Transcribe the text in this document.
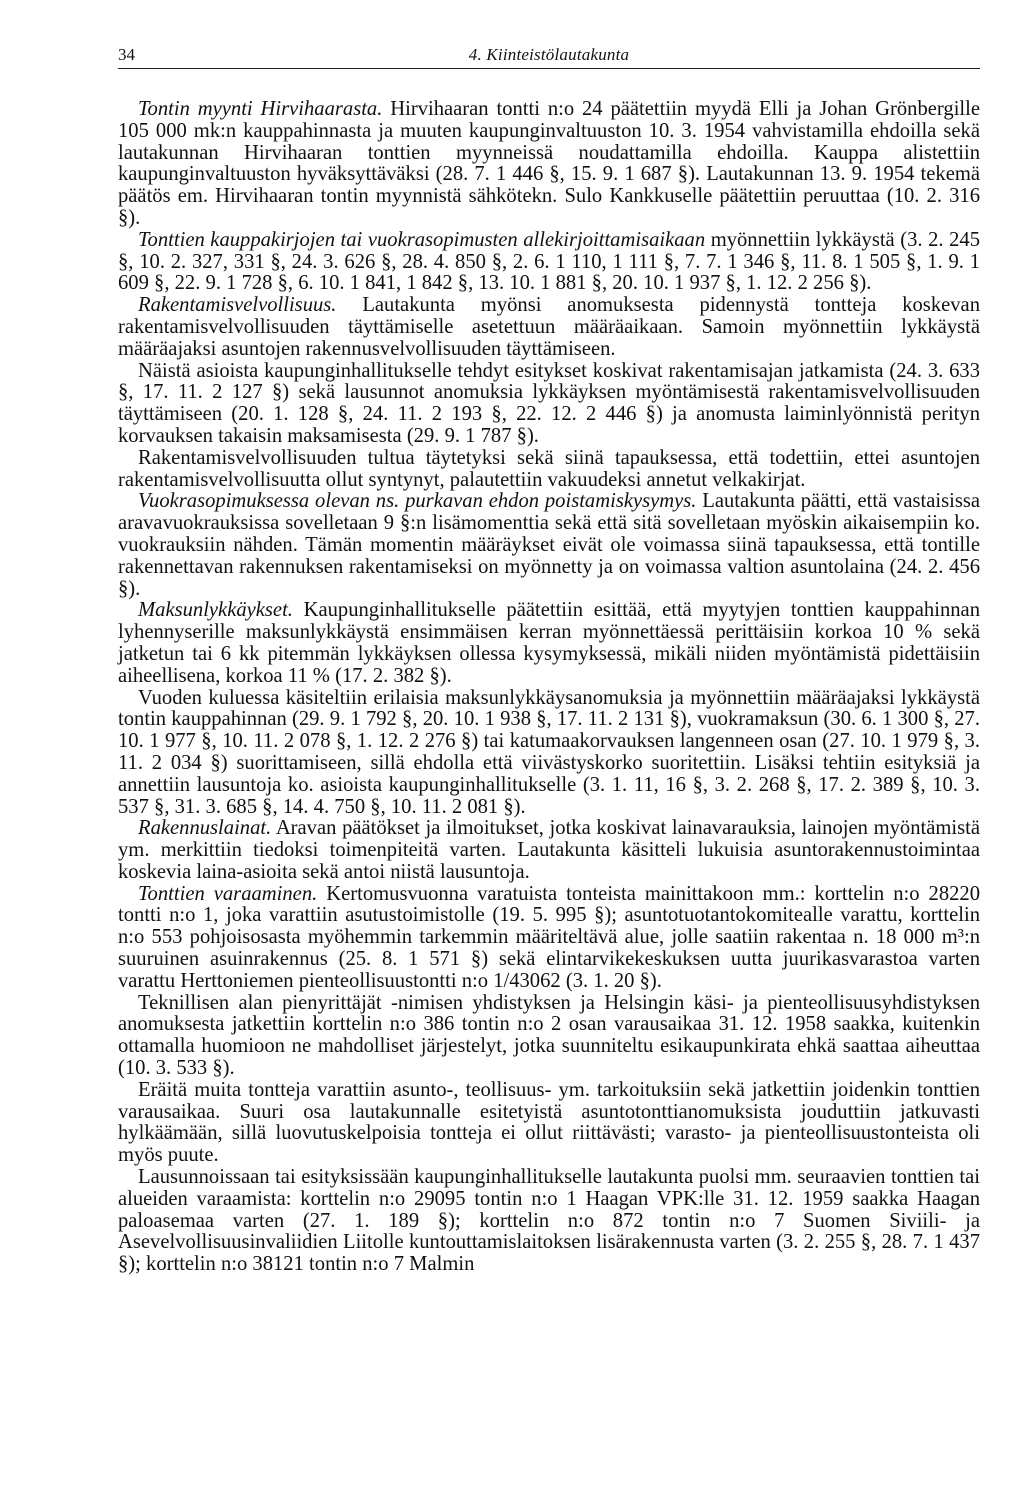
34	4. Kiinteistölautakunta

Tontin myynti Hirvihaarasta. Hirvihaaran tontti n:o 24 päätettiin myydä Elli ja Johan Grönbergille 105 000 mk:n kauppahinnasta ja muuten kaupunginvaltuuston 10. 3. 1954 vahvistamilla ehdoilla sekä lautakunnan Hirvihaaran tonttien myynneissä noudattamilla ehdoilla. Kauppa alistettiin kaupunginvaltuuston hyväksyttäväksi (28. 7. 1 446 §, 15. 9. 1 687 §). Lautakunnan 13. 9. 1954 tekemä päätös em. Hirvihaaran tontin myynnistä sähkötekn. Sulo Kankkuselle päätettiin peruuttaa (10. 2. 316 §).

Tonttien kauppakirjojen tai vuokrasopimusten allekirjoittamisaikaan myönnettiin lykkäystä (3. 2. 245 §, 10. 2. 327, 331 §, 24. 3. 626 §, 28. 4. 850 §, 2. 6. 1 110, 1 111 §, 7. 7. 1 346 §, 11. 8. 1 505 §, 1. 9. 1 609 §, 22. 9. 1 728 §, 6. 10. 1 841, 1 842 §, 13. 10. 1 881 §, 20. 10. 1 937 §, 1. 12. 2 256 §).

Rakentamisvelvollisuus. Lautakunta myönsi anomuksesta pidennystä tontteja koskevan rakentamisvelvollisuuden täyttämiselle asetettuun määräaikaan. Samoin myönnettiin lykkäystä määräajaksi asuntojen rakennusvelvollisuuden täyttämiseen.

Näistä asioista kaupunginhallitukselle tehdyt esitykset koskivat rakentamisajan jatkamista (24. 3. 633 §, 17. 11. 2 127 §) sekä lausunnot anomuksia lykkäyksen myöntämisestä rakentamisvelvollisuuden täyttämiseen (20. 1. 128 §, 24. 11. 2 193 §, 22. 12. 2 446 §) ja anomusta laiminlyönnistä perityn korvauksen takaisin maksamisesta (29. 9. 1 787 §).

Rakentamisvelvollisuuden tultua täytetyksi sekä siinä tapauksessa, että todettiin, ettei asuntojen rakentamisvelvollisuutta ollut syntynyt, palautettiin vakuudeksi annetut velkakirjat.

Vuokrasopimuksessa olevan ns. purkavan ehdon poistamiskysymys. Lautakunta päätti, että vastaisissa aravavuokrauksissa sovelletaan 9 §:n lisämomenttia sekä että sitä sovelletaan myöskin aikaisempiin ko. vuokrauksiin nähden. Tämän momentin määräykset eivät ole voimassa siinä tapauksessa, että tontille rakennettavan rakennuksen rakentamiseksi on myönnetty ja on voimassa valtion asuntolaina (24. 2. 456 §).

Maksunlykkäykset. Kaupunginhallitukselle päätettiin esittää, että myytyjen tonttien kauppahinnan lyhennyserille maksunlykkäystä ensimmäisen kerran myönnettäessä perittäisiin korkoa 10 % sekä jatketun tai 6 kk pitemmän lykkäyksen ollessa kysymyksessä, mikäli niiden myöntämistä pidettäisiin aiheellisena, korkoa 11 % (17. 2. 382 §).

Vuoden kuluessa käsiteltiin erilaisia maksunlykkäysanomuksia ja myönnettiin määräajaksi lykkäystä tontin kauppahinnan (29. 9. 1 792 §, 20. 10. 1 938 §, 17. 11. 2 131 §), vuokramaksun (30. 6. 1 300 §, 27. 10. 1 977 §, 10. 11. 2 078 §, 1. 12. 2 276 §) tai katumaakorvauksen langenneen osan (27. 10. 1 979 §, 3. 11. 2 034 §) suorittamiseen, sillä ehdolla että viivästyskorko suoritettiin. Lisäksi tehtiin esityksiä ja annettiin lausuntoja ko. asioista kaupunginhallitukselle (3. 1. 11, 16 §, 3. 2. 268 §, 17. 2. 389 §, 10. 3. 537 §, 31. 3. 685 §, 14. 4. 750 §, 10. 11. 2 081 §).

Rakennuslainat. Aravan päätökset ja ilmoitukset, jotka koskivat lainavarauksia, lainojen myöntämistä ym. merkittiin tiedoksi toimenpiteitä varten. Lautakunta käsitteli lukuisia asuntorakennustoimintaa koskevia laina-asioita sekä antoi niistä lausuntoja.

Tonttien varaaminen. Kertomusvuonna varatuista tonteista mainittakoon mm.: korttelin n:o 28220 tontti n:o 1, joka varattiin asutustoimistolle (19. 5. 995 §); asuntotuotantokomitealle varattu, korttelin n:o 553 pohjoisosasta myöhemmin tarkemmin määriteltävä alue, jolle saatiin rakentaa n. 18 000 m³:n suuruinen asuinrakennus (25. 8. 1 571 §) sekä elintarvikekeskuksen uutta juurikasvarastoa varten varattu Herttoniemen pienteollisuustontti n:o 1/43062 (3. 1. 20 §).

Teknillisen alan pienyrittäjät -nimisen yhdistyksen ja Helsingin käsi- ja pienteollisuusyhdistyksen anomuksesta jatkettiin korttelin n:o 386 tontin n:o 2 osan varausaikaa 31. 12. 1958 saakka, kuitenkin ottamalla huomioon ne mahdolliset järjestelyt, jotka suunniteltu esikaupunkirata ehkä saattaa aiheuttaa (10. 3. 533 §).

Eräitä muita tontteja varattiin asunto-, teollisuus- ym. tarkoituksiin sekä jatkettiin joidenkin tonttien varausaikaa. Suuri osa lautakunnalle esitetyistä asuntotonttianomuksista jouduttiin jatkuvasti hylkäämään, sillä luovutuskelpoisia tontteja ei ollut riittävästi; varasto- ja pienteollisuustonteista oli myös puute.

Lausunnoissaan tai esityksissään kaupunginhallitukselle lautakunta puolsi mm. seuraavien tonttien tai alueiden varaamista: korttelin n:o 29095 tontin n:o 1 Haagan VPK:lle 31. 12. 1959 saakka Haagan paloasemaa varten (27. 1. 189 §); korttelin n:o 872 tontin n:o 7 Suomen Siviili- ja Asevelvollisuusinvaliidien Liitolle kuntouttamislaitoksen lisärakennusta varten (3. 2. 255 §, 28. 7. 1 437 §); korttelin n:o 38121 tontin n:o 7 Malmin
